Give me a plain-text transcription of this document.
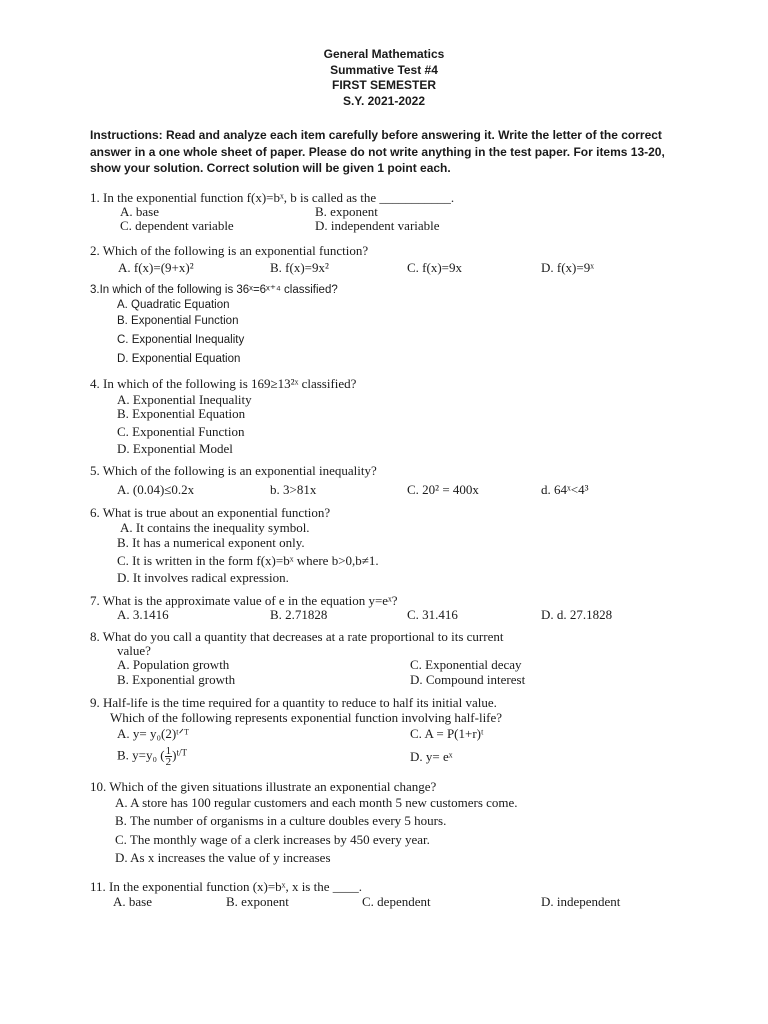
General Mathematics
Summative Test #4
FIRST SEMESTER
S.Y. 2021-2022
Instructions: Read and analyze each item carefully before answering it. Write the letter of the correct answer in a one whole sheet of paper. Please do not write anything in the test paper. For items 13-20, show your solution. Correct solution will be given 1 point each.
1. In the exponential function f(x)=bˣ, b is called as the ___________.
A. base	B. exponent
C. dependent variable	D. independent variable
2. Which of the following is an exponential function?
A. f(x)=(9+x)²	B. f(x)=9x²	C. f(x)=9x	D. f(x)=9ˣ
3.In which of the following is 36ˣ=6ˣ⁺⁴ classified?
A. Quadratic Equation
B. Exponential Function
C. Exponential Inequality
D. Exponential Equation
4. In which of the following is 169≥13²ˣ classified?
A. Exponential Inequality
B. Exponential Equation
C. Exponential Function
D. Exponential Model
5. Which of the following is an exponential inequality?
A. (0.04)≤0.2x	b. 3>81x	C. 20² = 400x	d. 64ˣ<4³
6. What is true about an exponential function?
A. It contains the inequality symbol.
B. It has a numerical exponent only.
C. It is written in the form f(x)=bˣ where b>0,b≠1.
D. It involves radical expression.
7. What is the approximate value of e in the equation y=eˣ?
A. 3.1416	B. 2.71828	C. 31.416	D. d. 27.1828
8. What do you call a quantity that decreases at a rate proportional to its current
value?
A. Population growth	C. Exponential decay
B. Exponential growth	D. Compound interest
9. Half-life is the time required for a quantity to reduce to half its initial value.
Which of the following represents exponential function involving half-life?
A. y= y₀(2)ᵗᐟᵀ	C. A = P(1+r)ᵗ
B. y=y₀ ( $\frac{1}{2} )^{t/T}$	D. y= eˣ
10. Which of the given situations illustrate an exponential change?
A. A store has 100 regular customers and each month 5 new customers come.
B. The number of organisms in a culture doubles every 5 hours.
C. The monthly wage of a clerk increases by 450 every year.
D. As x increases the value of y increases
11. In the exponential function (x)=bˣ, x is the ____.
A. base	B. exponent	C. dependent	D. independent
